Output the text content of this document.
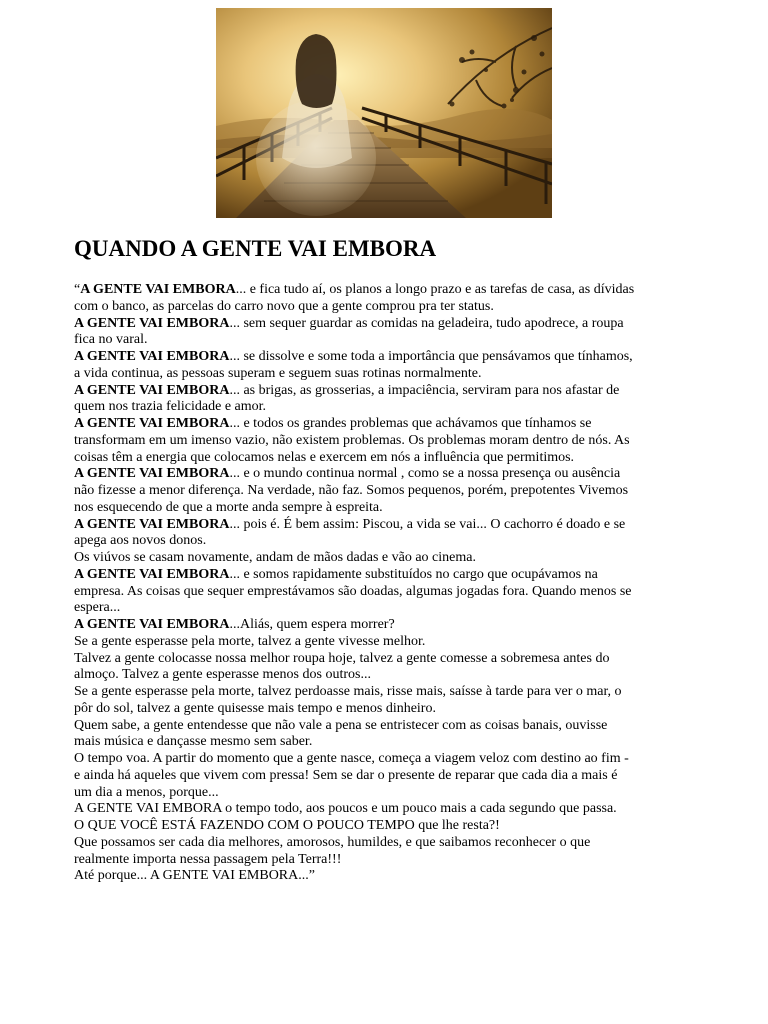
QUANDO A GENTE VAI EMBORA
“A GENTE VAI EMBORA... e fica tudo aí, os planos a longo prazo e as tarefas de casa, as dívidas
com o banco, as parcelas do carro novo que a gente comprou pra ter status.
A GENTE VAI EMBORA... sem sequer guardar as comidas na geladeira, tudo apodrece, a roupa
fica no varal.
A GENTE VAI EMBORA... se dissolve e some toda a importância que pensávamos que tínhamos,
a vida continua, as pessoas superam e seguem suas rotinas normalmente.
A GENTE VAI EMBORA... as brigas, as grosserias, a impaciência, serviram para nos afastar de
quem nos trazia felicidade e amor.
A GENTE VAI EMBORA... e todos os grandes problemas que achávamos que tínhamos se
transformam em um imenso vazio, não existem problemas. Os problemas moram dentro de nós. As
coisas têm a energia que colocamos nelas e exercem em nós a influência que permitimos.
A GENTE VAI EMBORA... e o mundo continua normal , como se a nossa presença ou ausência
não fizesse a menor diferença. Na verdade, não faz. Somos pequenos, porém, prepotentes Vivemos
nos esquecendo de que a morte anda sempre à espreita.
A GENTE VAI EMBORA... pois é. É bem assim: Piscou, a vida se vai... O cachorro é doado e se
apega aos novos donos.
Os viúvos se casam novamente, andam de mãos dadas e vão ao cinema.
A GENTE VAI EMBORA... e somos rapidamente substituídos no cargo que ocupávamos na
empresa. As coisas que sequer emprestávamos são doadas, algumas jogadas fora. Quando menos se
espera...
A GENTE VAI EMBORA...Aliás, quem espera morrer?
Se a gente esperasse pela morte, talvez a gente vivesse melhor.
Talvez a gente colocasse nossa melhor roupa hoje, talvez a gente comesse a sobremesa antes do
almoço. Talvez a gente esperasse menos dos outros...
Se a gente esperasse pela morte, talvez perdoasse mais, risse mais, saísse à tarde para ver o mar, o
pôr do sol, talvez a gente quisesse mais tempo e menos dinheiro.
Quem sabe, a gente entendesse que não vale a pena se entristecer com as coisas banais, ouvisse
mais música e dançasse mesmo sem saber.
O tempo voa. A partir do momento que a gente nasce, começa a viagem veloz com destino ao fim -
e ainda há aqueles que vivem com pressa! Sem se dar o presente de reparar que cada dia a mais é
um dia a menos, porque...
A GENTE VAI EMBORA o tempo todo, aos poucos e um pouco mais a cada segundo que passa.
O QUE VOCÊ ESTÁ FAZENDO COM O POUCO TEMPO que lhe resta?!
Que possamos ser cada dia melhores, amorosos, humildes, e que saibamos reconhecer o que
realmente importa nessa passagem pela Terra!!!
Até porque... A GENTE VAI EMBORA...”
